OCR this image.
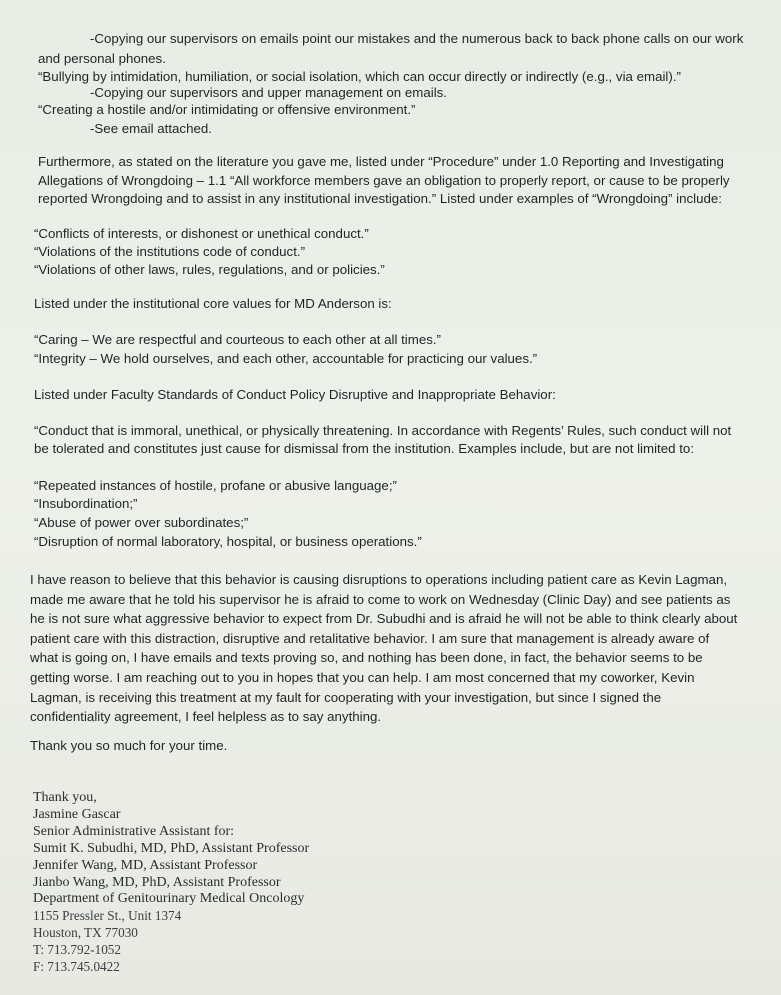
-Copying our supervisors on emails point our mistakes and the numerous back to back phone calls on our work
and personal phones.
“Bullying by intimidation, humiliation, or social isolation, which can occur directly or indirectly (e.g., via email).”
-Copying our supervisors and upper management on emails.
“Creating a hostile and/or intimidating or offensive environment.”
-See email attached.
Furthermore, as stated on the literature you gave me, listed under “Procedure” under 1.0 Reporting and Investigating
Allegations of Wrongdoing – 1.1 “All workforce members gave an obligation to properly report, or cause to be properly
reported Wrongdoing and to assist in any institutional investigation.” Listed under examples of “Wrongdoing” include:
“Conflicts of interests, or dishonest or unethical conduct.”
“Violations of the institutions code of conduct.”
“Violations of other laws, rules, regulations, and or policies.”
Listed under the institutional core values for MD Anderson is:
“Caring – We are respectful and courteous to each other at all times.”
“Integrity – We hold ourselves, and each other, accountable for practicing our values.”
Listed under Faculty Standards of Conduct Policy Disruptive and Inappropriate Behavior:
“Conduct that is immoral, unethical, or physically threatening. In accordance with Regents’ Rules, such conduct will not
be tolerated and constitutes just cause for dismissal from the institution. Examples include, but are not limited to:
“Repeated instances of hostile, profane or abusive language;”
“Insubordination;”
“Abuse of power over subordinates;”
“Disruption of normal laboratory, hospital, or business operations.”
I have reason to believe that this behavior is causing disruptions to operations including patient care as Kevin Lagman,
made me aware that he told his supervisor he is afraid to come to work on Wednesday (Clinic Day) and see patients as
he is not sure what aggressive behavior to expect from Dr. Subudhi and is afraid he will not be able to think clearly about
patient care with this distraction, disruptive and retalitative behavior. I am sure that management is already aware of
what is going on, I have emails and texts proving so, and nothing has been done, in fact, the behavior seems to be
getting worse. I am reaching out to you in hopes that you can help. I am most concerned that my coworker, Kevin
Lagman, is receiving this treatment at my fault for cooperating with your investigation, but since I signed the
confidentiality agreement, I feel helpless as to say anything.
Thank you so much for your time.
Thank you,
Jasmine Gascar
Senior Administrative Assistant for:
Sumit K. Subudhi, MD, PhD, Assistant Professor
Jennifer Wang, MD, Assistant Professor
Jianbo Wang, MD, PhD, Assistant Professor
Department of Genitourinary Medical Oncology
1155 Pressler St., Unit 1374
Houston, TX 77030
T: 713.792-1052
F: 713.745.0422
